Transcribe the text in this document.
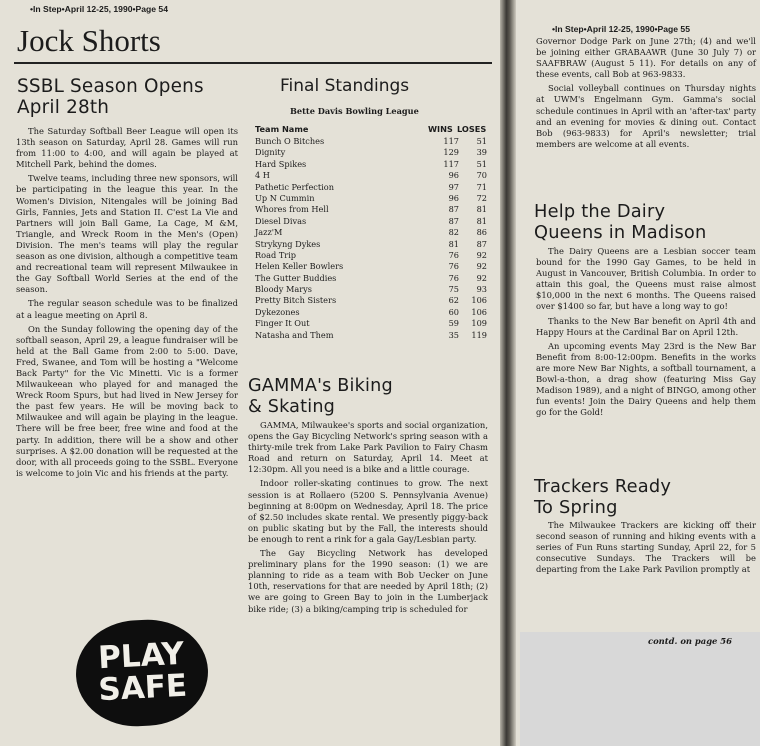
•In Step•April 12-25, 1990•Page 54
Jock Shorts
SSBL Season Opens
April 28th

The Saturday Softball Beer League will open its 13th season on Saturday, April 28. Games will run from 11:00 to 4:00, and will again be played at Mitchell Park, behind the domes.

Twelve teams, including three new sponsors, will be participating in the league this year. In the Women's Division, Nitengales will be joining Bad Girls, Fannies, Jets and Station II. C'est La Vie and Partners will join Ball Game, La Cage, M &M, Triangle, and Wreck Room in the Men's (Open) Division. The men's teams will play the regular season as one division, although a competitive team and recreational team will represent Milwaukee in the Gay Softball World Series at the end of the season.

The regular season schedule was to be finalized at a league meeting on April 8.

On the Sunday following the opening day of the softball season, April 29, a league fundraiser will be held at the Ball Game from 2:00 to 5:00. Dave, Fred, Swanee, and Tom will be hosting a "Welcome Back Party" for the Vic Minetti. Vic is a former Milwaukeean who played for and managed the Wreck Room Spurs, but had lived in New Jersey for the past few years. He will be moving back to Milwaukee and will again be playing in the league. There will be free beer, free wine and food at the party. In addition, there will be a show and other surprises. A $2.00 donation will be requested at the door, with all proceeds going to the SSBL. Everyone is welcome to join Vic and his friends at the party.

PLAY
SAFE
Final Standings
Bette Davis Bowling League
Team Name	WINS LOSES
Bunch O Bitches	117 51
Dignity	129 39
Hard Spikes	117 51
4 H	96 70
Pathetic Perfection	97 71
Up N Cummin	96 72
Whores from Hell	87 81
Diesel Divas	87 81
Jazz'M	82 86
Strykyng Dykes	81 87
Road Trip	76 92
Helen Keller Bowlers	76 92
The Gutter Buddies	76 92
Bloody Marys	75 93
Pretty Bitch Sisters	62 106
Dykezones	60 106
Finger It Out	59 109
Natasha and Them	35 119
GAMMA's Biking
& Skating

GAMMA, Milwaukee's sports and social organization, opens the Gay Bicycling Network's spring season with a thirty-mile trek from Lake Park Pavilion to Fairy Chasm Road and return on Saturday, April 14. Meet at 12:30pm. All you need is a bike and a little courage.

Indoor roller-skating continues to grow. The next session is at Rollaero (5200 S. Pennsylvania Avenue) beginning at 8:00pm on Wednesday, April 18. The price of $2.50 includes skate rental. We presently piggy-back on public skating but by the Fall, the interests should be enough to rent a rink for a gala Gay/Lesbian party.

The Gay Bicycling Network has developed preliminary plans for the 1990 season: (1) we are planning to ride as a team with Bob Uecker on June 10th, reservations for that are needed by April 18th; (2) we are going to Green Bay to join in the Lumberjack bike ride; (3) a biking/camping trip is scheduled for

•In Step•April 12-25, 1990•Page 55

Governor Dodge Park on June 27th; (4) and we'll be joining either GRABAAWR (June 30 July 7) or SAAFBRAW (August 5 11). For details on any of these events, call Bob at 963-9833.

Social volleyball continues on Thursday nights at UWM's Engelmann Gym. Gamma's social schedule continues in April with an 'after-tax' party and an evening for movies & dining out. Contact Bob (963-9833) for April's newsletter; trial members are welcome at all events.

Help the Dairy
Queens in Madison

The Dairy Queens are a Lesbian soccer team bound for the 1990 Gay Games, to be held in August in Vancouver, British Columbia. In order to attain this goal, the Queens must raise almost $10,000 in the next 6 months. The Queens raised over $1400 so far, but have a long way to go!

Thanks to the New Bar benefit on April 4th and Happy Hours at the Cardinal Bar on April 12th.

An upcoming events May 23rd is the New Bar Benefit from 8:00-12:00pm. Benefits in the works are more New Bar Nights, a softball tournament, a Bowl-a-thon, a drag show (featuring Miss Gay Madison 1989), and a night of BINGO, among other fun events! Join the Dairy Queens and help them go for the Gold!

Trackers Ready
To Spring

The Milwaukee Trackers are kicking off their second season of running and hiking events with a series of Fun Runs starting Sunday, April 22, for 5 consecutive Sundays. The Trackers will be departing from the Lake Park Pavilion promptly at

contd. on page 56
